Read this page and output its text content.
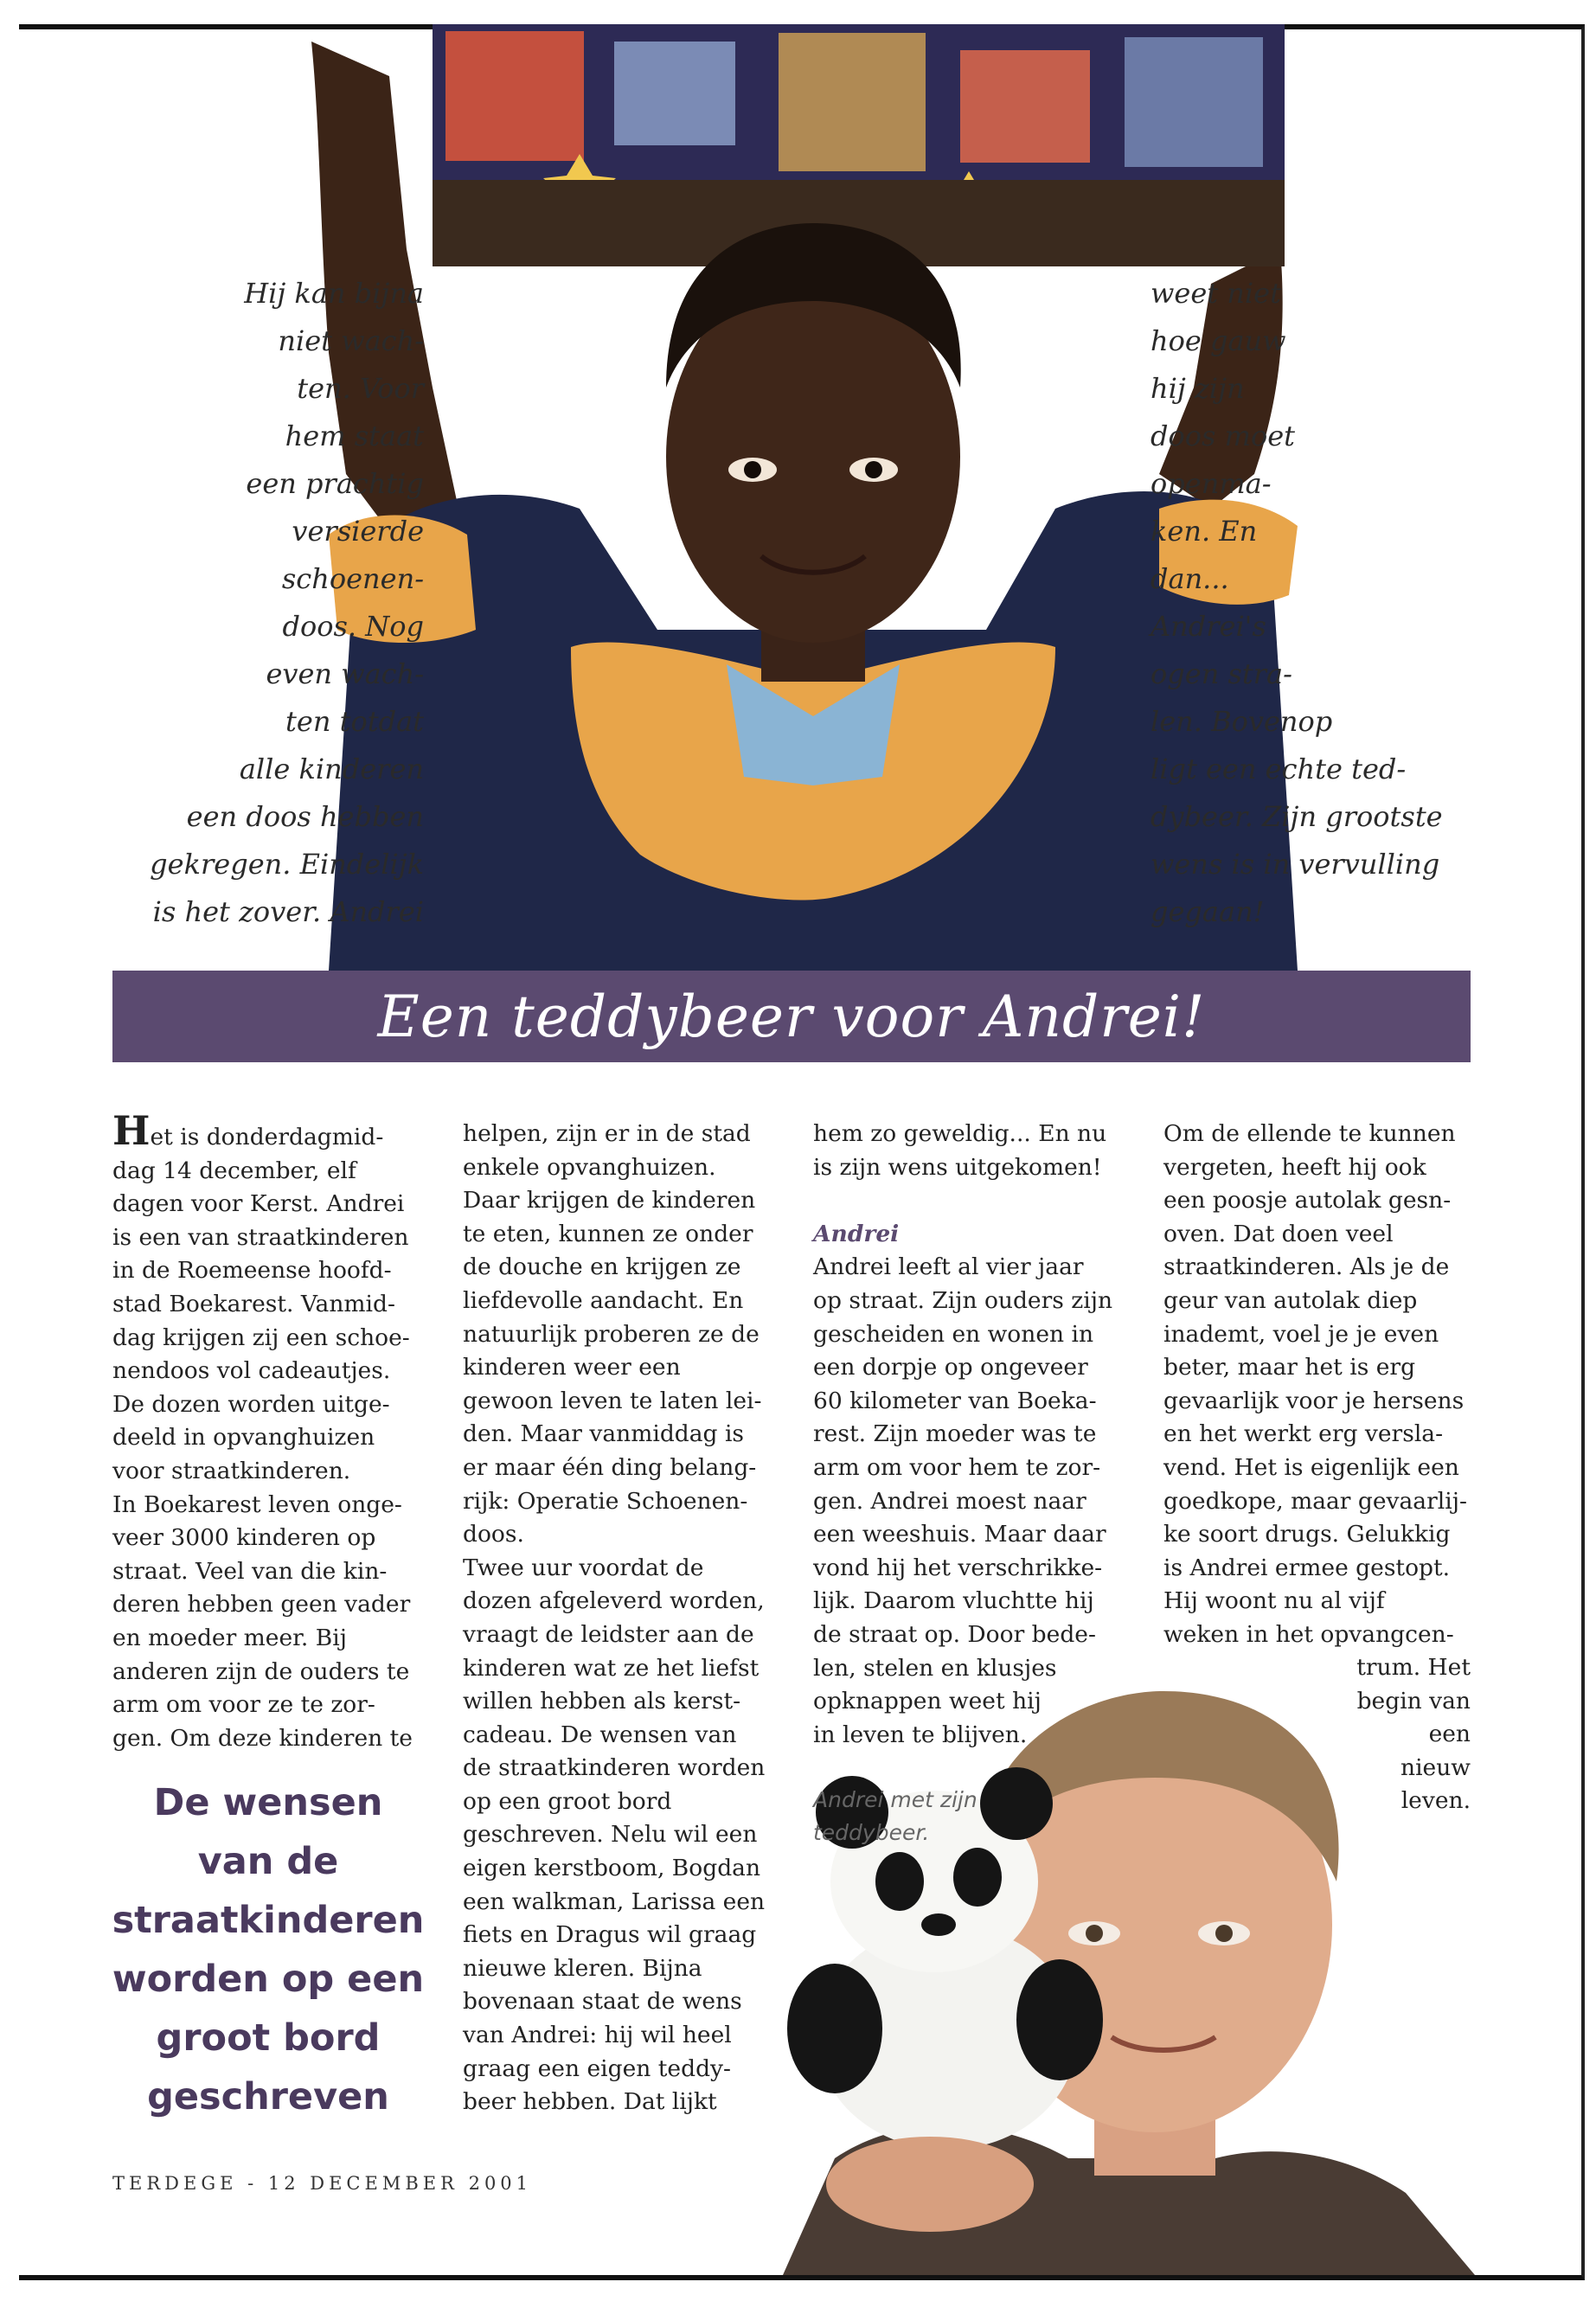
Hij kan bijna
niet wach-
ten. Voor
hem staat
een prachtig
versierde
schoenen-
doos. Nog
even wach-
ten totdat
alle kinderen
een doos hebben
gekregen. Eindelijk
is het zover. Andrei
weet niet
hoe gauw
hij zijn
doos moet
openma-
ken. En
dan...
Andrei's
ogen stra-
len. Bovenop
ligt een echte ted-
dybeer. Zijn grootste
wens is in vervulling
gegaan!
Een teddybeer voor Andrei!
Het is donderdagmid-
dag 14 december, elf
dagen voor Kerst. Andrei
is een van straatkinderen
in de Roemeense hoofd-
stad Boekarest. Vanmid-
dag krijgen zij een schoe-
nendoos vol cadeautjes.
De dozen worden uitge-
deeld in opvanghuizen
voor straatkinderen.
In Boekarest leven onge-
veer 3000 kinderen op
straat. Veel van die kin-
deren hebben geen vader
en moeder meer. Bij
anderen zijn de ouders te
arm om voor ze te zor-
gen. Om deze kinderen te
De wensen
van de
straatkinderen
worden op een
groot bord
geschreven
helpen, zijn er in de stad
enkele opvanghuizen.
Daar krijgen de kinderen
te eten, kunnen ze onder
de douche en krijgen ze
liefdevolle aandacht. En
natuurlijk proberen ze de
kinderen weer een
gewoon leven te laten lei-
den. Maar vanmiddag is
er maar één ding belang-
rijk: Operatie Schoenen-
doos.
Twee uur voordat de
dozen afgeleverd worden,
vraagt de leidster aan de
kinderen wat ze het liefst
willen hebben als kerst-
cadeau. De wensen van
de straatkinderen worden
op een groot bord
geschreven. Nelu wil een
eigen kerstboom, Bogdan
een walkman, Larissa een
fiets en Dragus wil graag
nieuwe kleren. Bijna
bovenaan staat de wens
van Andrei: hij wil heel
graag een eigen teddy-
beer hebben. Dat lijkt
hem zo geweldig... En nu
is zijn wens uitgekomen!

Andrei
Andrei leeft al vier jaar
op straat. Zijn ouders zijn
gescheiden en wonen in
een dorpje op ongeveer
60 kilometer van Boeka-
rest. Zijn moeder was te
arm om voor hem te zor-
gen. Andrei moest naar
een weeshuis. Maar daar
vond hij het verschrikke-
lijk. Daarom vluchtte hij
de straat op. Door bede-
len, stelen en klusjes
opknappen weet hij
in leven te blijven.
Andrei met zijn
teddybeer.
Om de ellende te kunnen
vergeten, heeft hij ook
een poosje autolak gesn-
oven. Dat doen veel
straatkinderen. Als je de
geur van autolak diep
inademt, voel je je even
beter, maar het is erg
gevaarlijk voor je hersens
en het werkt erg versla-
vend. Het is eigenlijk een
goedkope, maar gevaarlij-
ke soort drugs. Gelukkig
is Andrei ermee gestopt.
Hij woont nu al vijf
weken in het opvangcen-
trum. Het
begin van
een
nieuw
leven.
TERDEGE - 12 DECEMBER 2001
